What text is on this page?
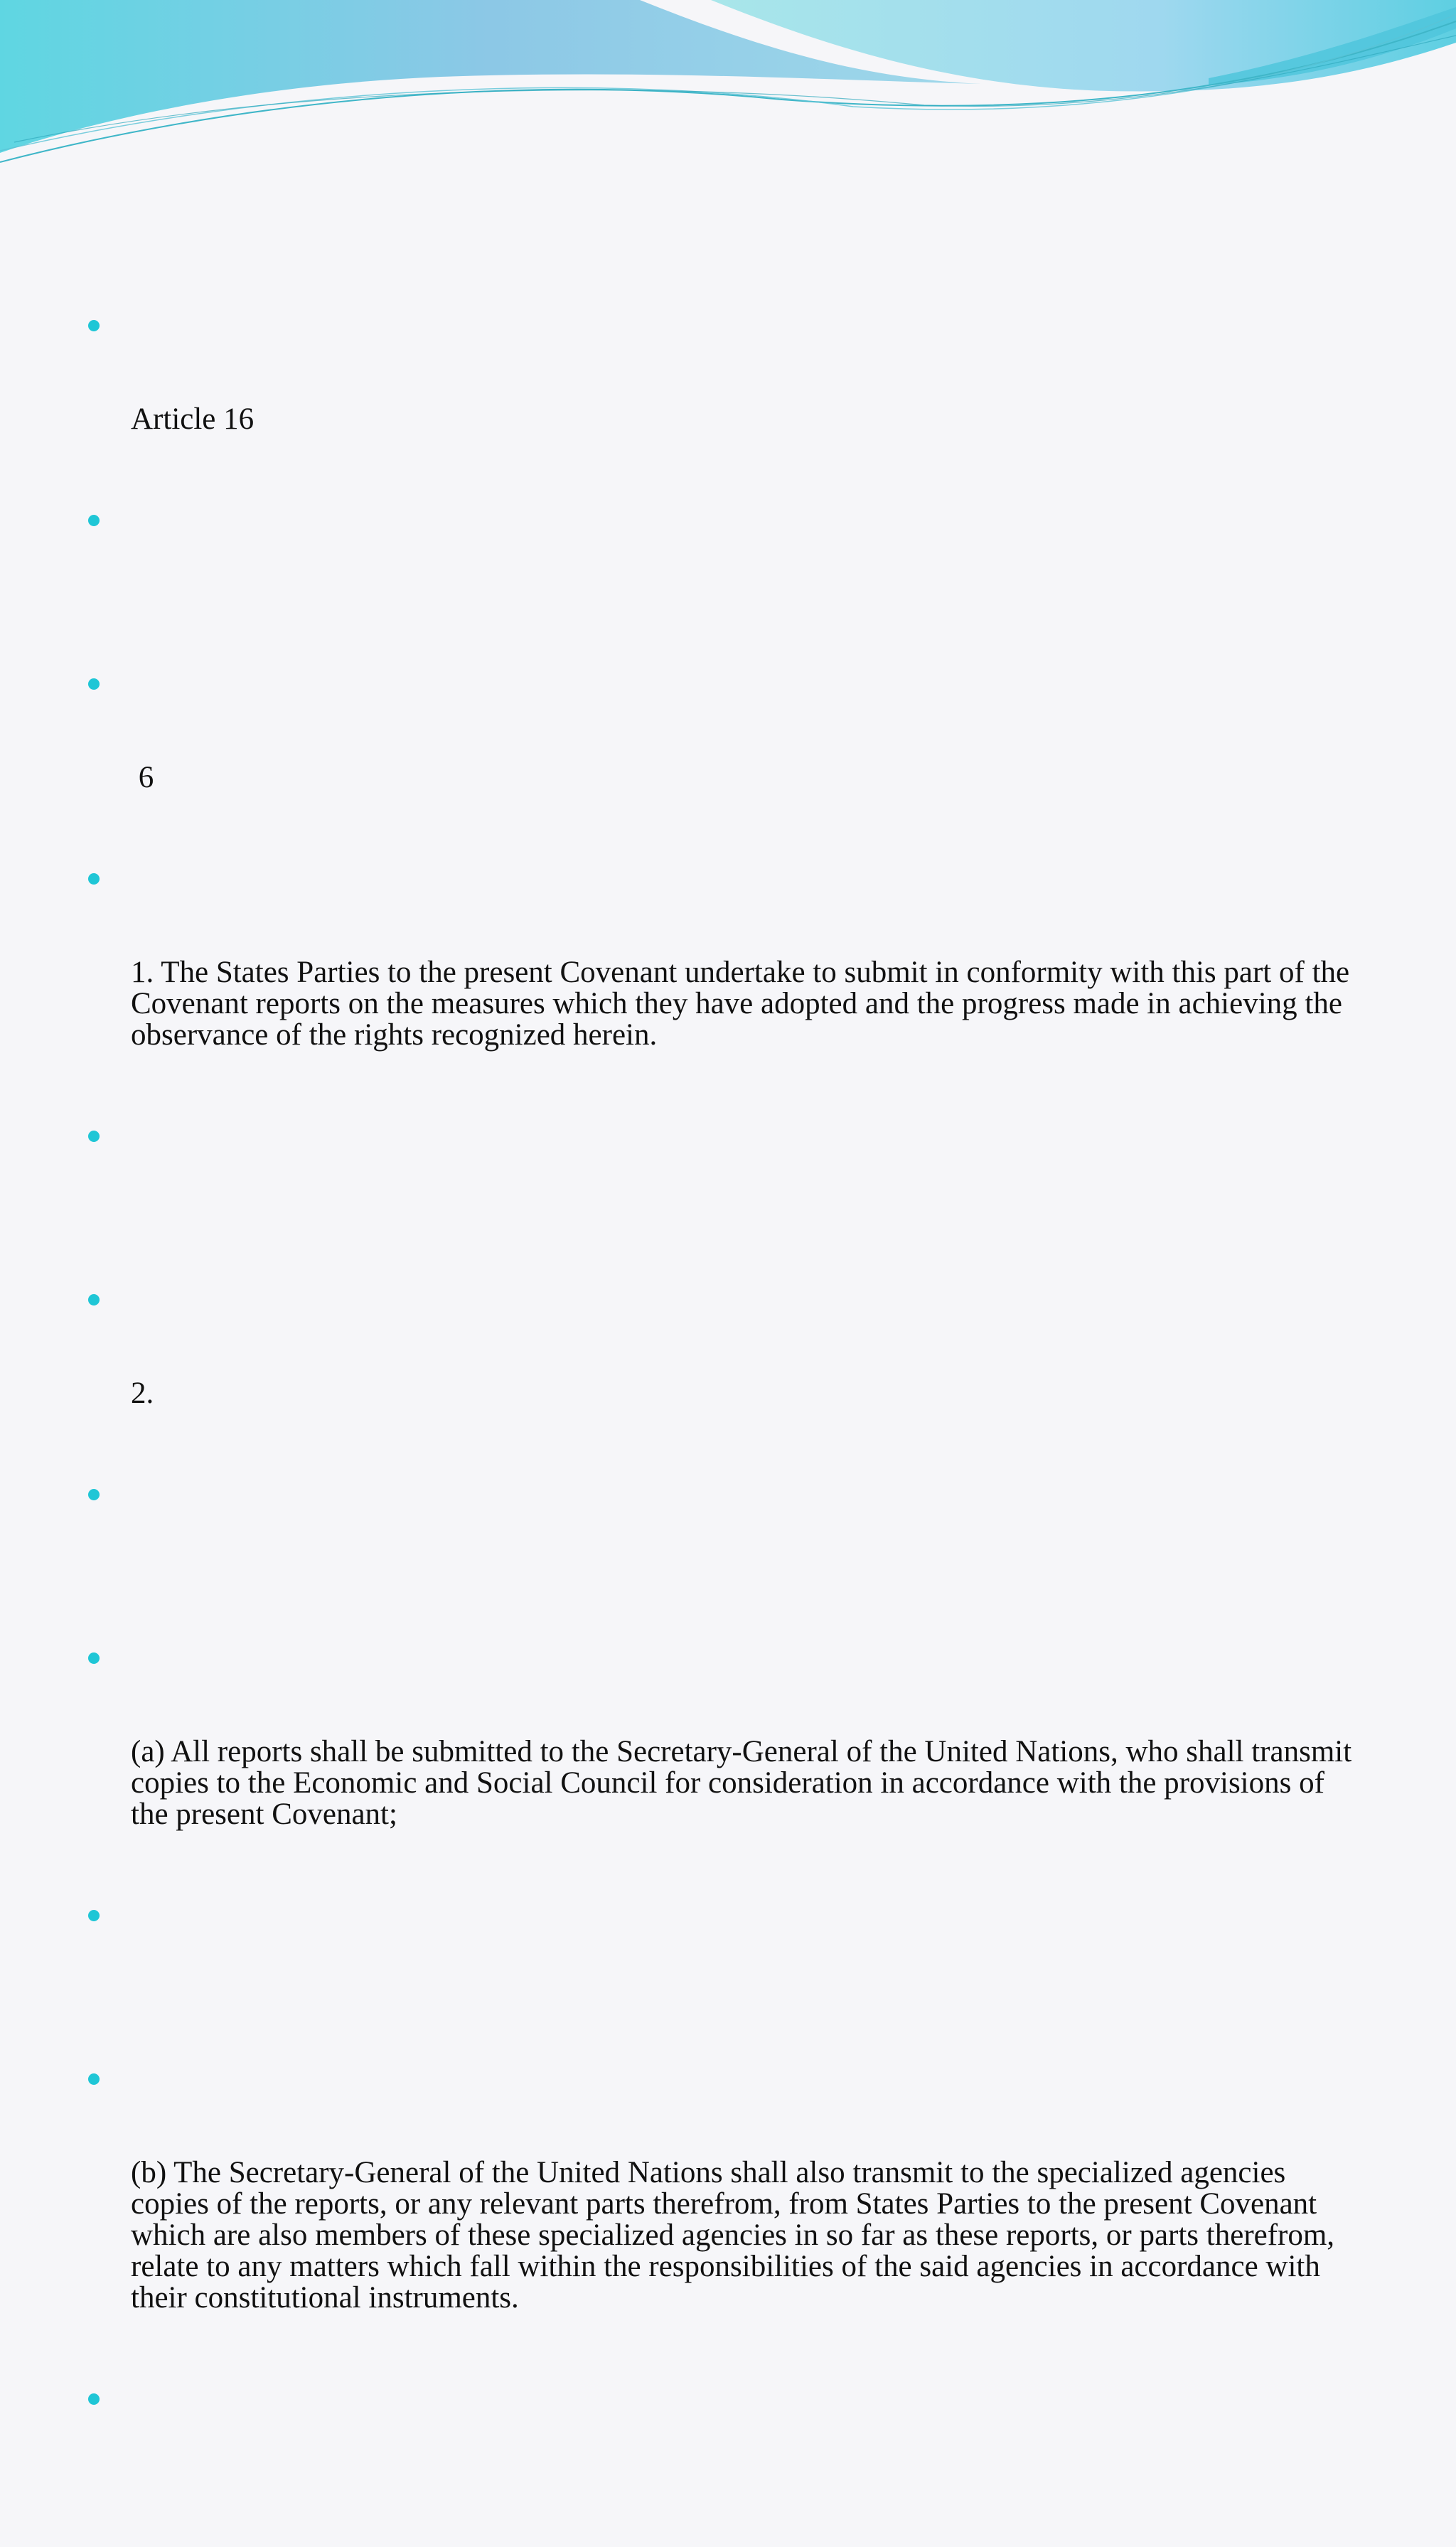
Article 16

6

1. The States Parties to the present Covenant undertake to submit in conformity with this part of the Covenant reports on the measures which they have adopted and the progress made in achieving the observance of the rights recognized herein.

2.

(a) All reports shall be submitted to the Secretary-General of the United Nations, who shall transmit copies to the Economic and Social Council for consideration in accordance with the provisions of the present Covenant;

(b) The Secretary-General of the United Nations shall also transmit to the specialized agencies copies of the reports, or any relevant parts therefrom, from States Parties to the present Covenant which are also members of these specialized agencies in so far as these reports, or parts therefrom, relate to any matters which fall within the responsibilities of the said agencies in accordance with their constitutional instruments.
